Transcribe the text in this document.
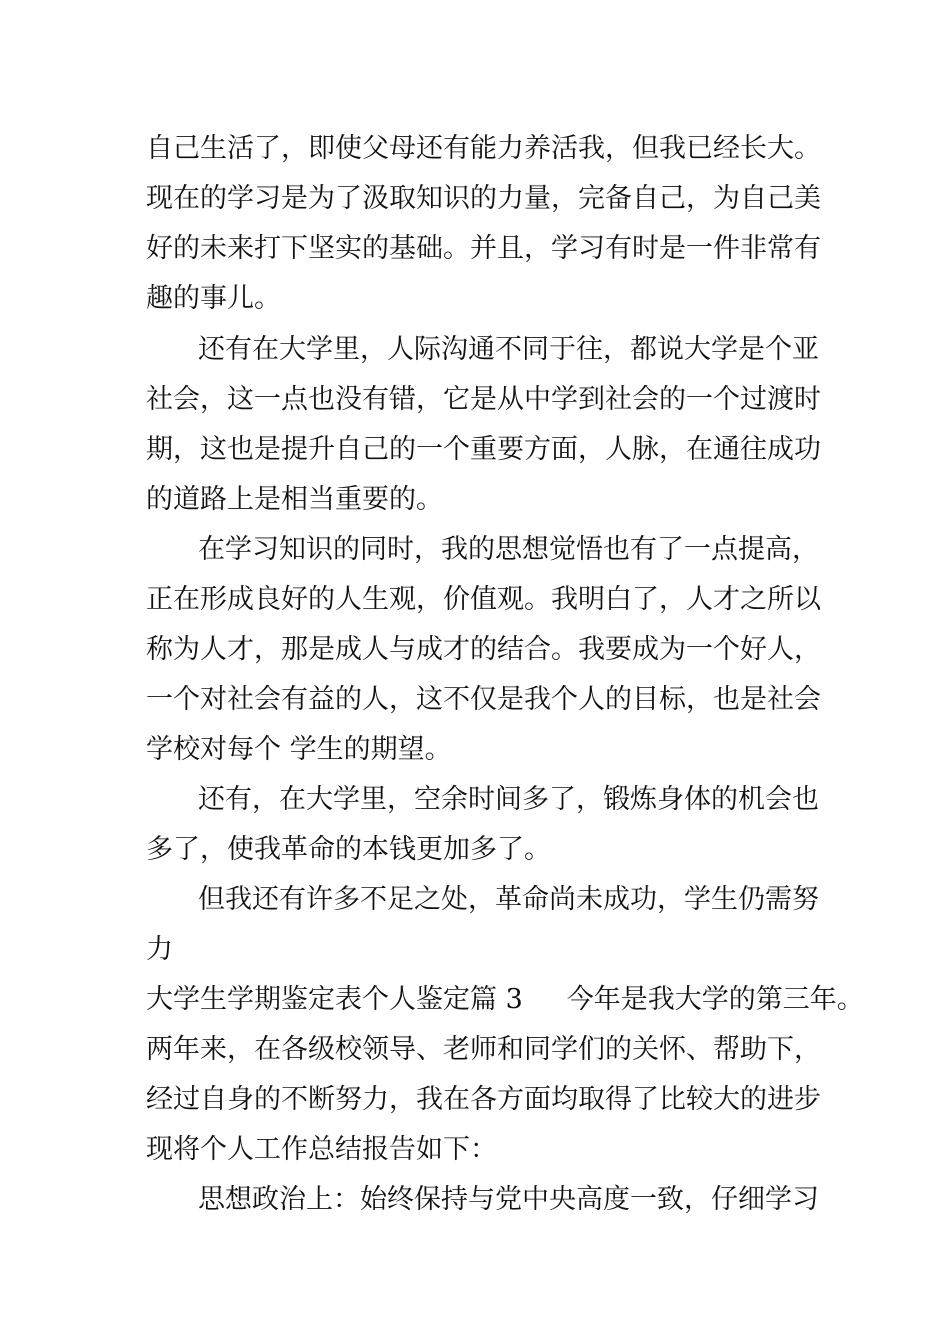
自己生活了，即使父母还有能力养活我，但我已经长大。

现在的学习是为了汲取知识的力量，完备自己，为自己美

好的未来打下坚实的基础。并且，学习有时是一件非常有

趣的事儿。

还有在大学里，人际沟通不同于往，都说大学是个亚

社会，这一点也没有错，它是从中学到社会的一个过渡时

期，这也是提升自己的一个重要方面，人脉，在通往成功

的道路上是相当重要的。

在学习知识的同时，我的思想觉悟也有了一点提高，

正在形成良好的人生观，价值观。我明白了，人才之所以

称为人才，那是成人与成才的结合。我要成为一个好人，

一个对社会有益的人，这不仅是我个人的目标，也是社会

学校对每个 学生的期望。

还有，在大学里，空余时间多了，锻炼身体的机会也

多了，使我革命的本钱更加多了。

但我还有许多不足之处，革命尚未成功，学生仍需努

力

大学生学期鉴定表个人鉴定篇 3 今年是我大学的第三年。

两年来，在各级校领导、老师和同学们的关怀、帮助下，

经过自身的不断努力，我在各方面均取得了比较大的进步

现将个人工作总结报告如下：

思想政治上：始终保持与党中央高度一致，仔细学习
